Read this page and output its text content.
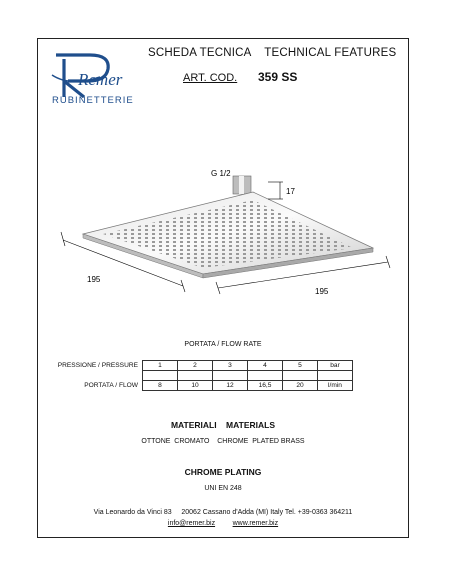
Remer
RUBINETTERIE
SCHEDA TECNICA    TECHNICAL FEATURES
ART. COD. 359 SS
G 1/2
17
195
195
PORTATA / FLOW RATE
PRESSIONE / PRESSURE	1	2	3	4	5	bar

PORTATA / FLOW	8	10	12	16,5	20	l/min
MATERIALI    MATERIALS
OTTONE  CROMATO    CHROME  PLATED BRASS
CHROME PLATING
UNI EN 248
Via Leonardo da Vinci 83     20062 Cassano d'Adda (MI) Italy Tel. +39-0363 364211
info@remer.biz	www.remer.biz
